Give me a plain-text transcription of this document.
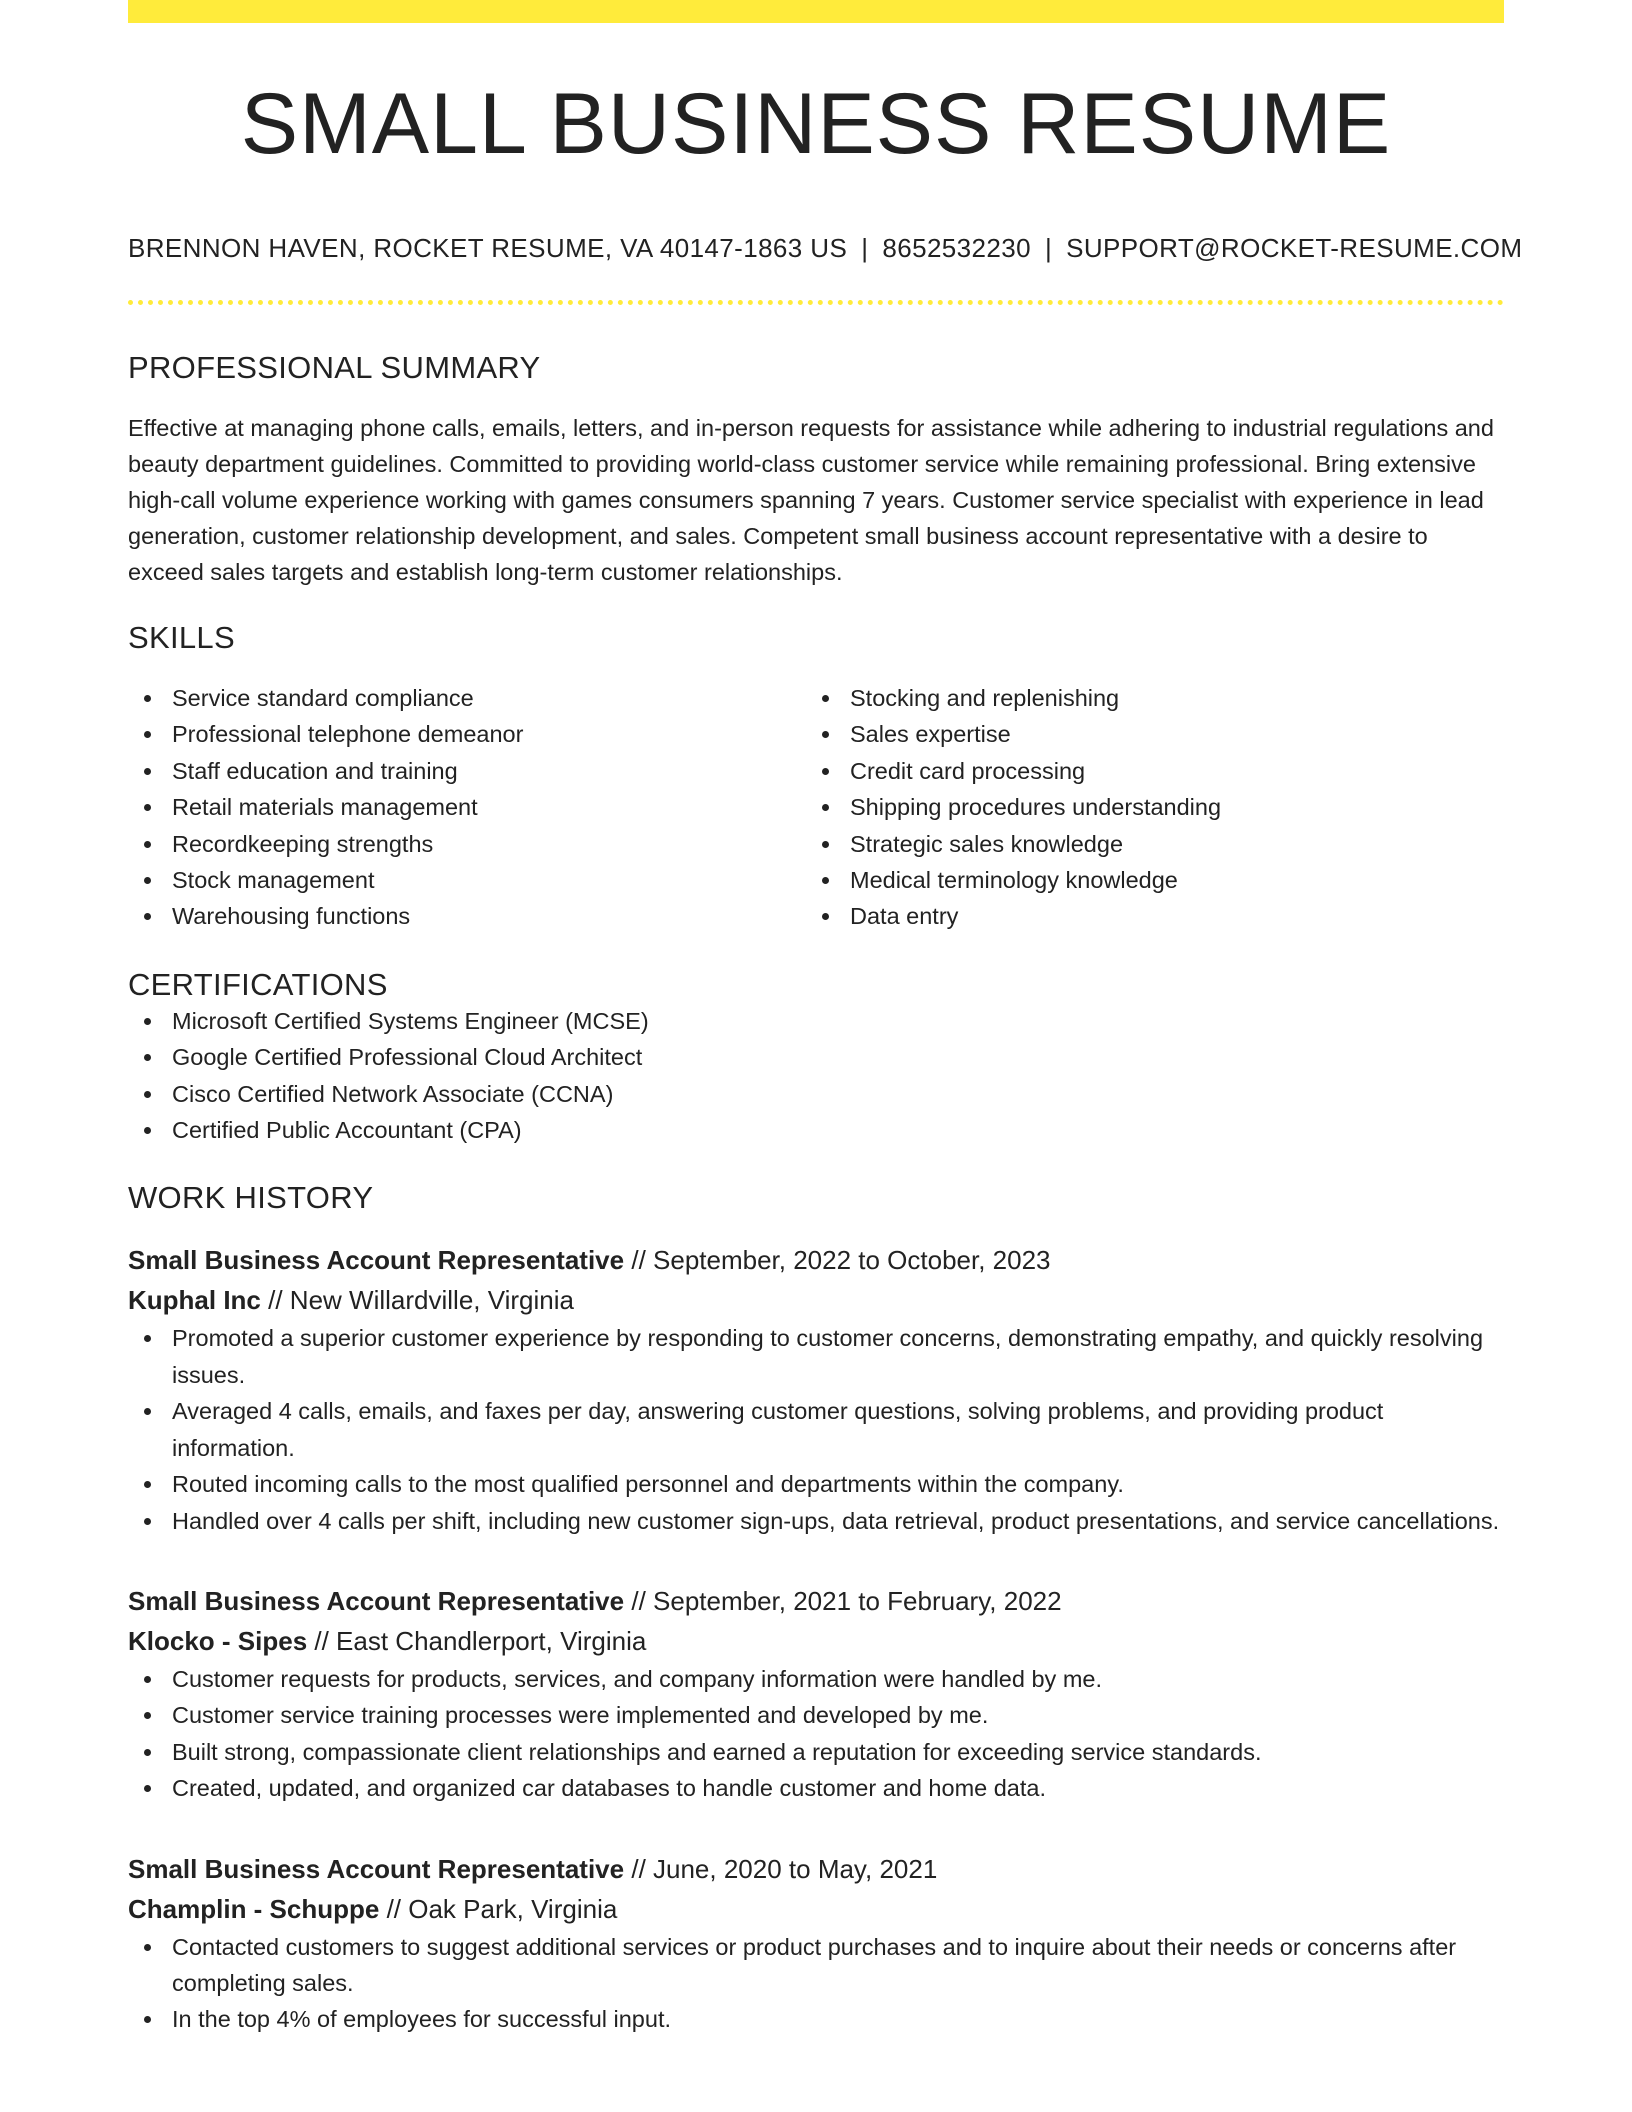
SMALL BUSINESS RESUME
BRENNON HAVEN, ROCKET RESUME, VA 40147-1863 US | 8652532230 | SUPPORT@ROCKET-RESUME.COM
PROFESSIONAL SUMMARY
Effective at managing phone calls, emails, letters, and in-person requests for assistance while adhering to industrial regulations and beauty department guidelines. Committed to providing world-class customer service while remaining professional. Bring extensive high-call volume experience working with games consumers spanning 7 years. Customer service specialist with experience in lead generation, customer relationship development, and sales. Competent small business account representative with a desire to exceed sales targets and establish long-term customer relationships.
SKILLS
Service standard compliance
Professional telephone demeanor
Staff education and training
Retail materials management
Recordkeeping strengths
Stock management
Warehousing functions
Stocking and replenishing
Sales expertise
Credit card processing
Shipping procedures understanding
Strategic sales knowledge
Medical terminology knowledge
Data entry
CERTIFICATIONS
Microsoft Certified Systems Engineer (MCSE)
Google Certified Professional Cloud Architect
Cisco Certified Network Associate (CCNA)
Certified Public Accountant (CPA)
WORK HISTORY
Small Business Account Representative // September, 2022 to October, 2023
Kuphal Inc // New Willardville, Virginia
Promoted a superior customer experience by responding to customer concerns, demonstrating empathy, and quickly resolving issues.
Averaged 4 calls, emails, and faxes per day, answering customer questions, solving problems, and providing product information.
Routed incoming calls to the most qualified personnel and departments within the company.
Handled over 4 calls per shift, including new customer sign-ups, data retrieval, product presentations, and service cancellations.
Small Business Account Representative // September, 2021 to February, 2022
Klocko - Sipes // East Chandlerport, Virginia
Customer requests for products, services, and company information were handled by me.
Customer service training processes were implemented and developed by me.
Built strong, compassionate client relationships and earned a reputation for exceeding service standards.
Created, updated, and organized car databases to handle customer and home data.
Small Business Account Representative // June, 2020 to May, 2021
Champlin - Schuppe // Oak Park, Virginia
Contacted customers to suggest additional services or product purchases and to inquire about their needs or concerns after completing sales.
In the top 4% of employees for successful input.
